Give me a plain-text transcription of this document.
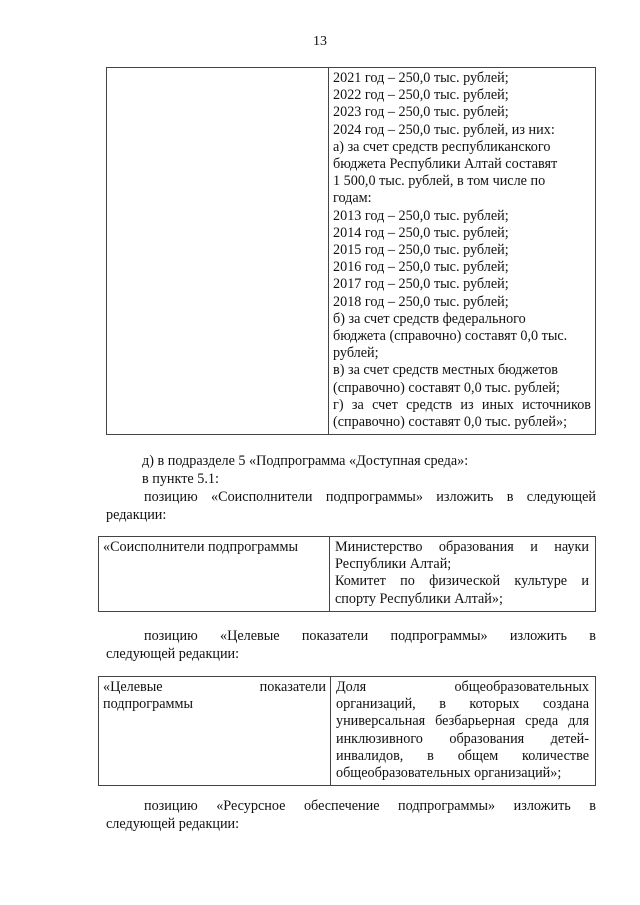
13

2021 год – 250,0 тыс. рублей;
2022 год – 250,0 тыс. рублей;
2023 год – 250,0 тыс. рублей;
2024 год – 250,0 тыс. рублей, из них:
а) за счет средств республиканского
бюджета Республики Алтай составят
1 500,0 тыс. рублей, в том числе по
годам:
2013 год – 250,0 тыс. рублей;
2014 год – 250,0 тыс. рублей;
2015 год – 250,0 тыс. рублей;
2016 год – 250,0 тыс. рублей;
2017 год – 250,0 тыс. рублей;
2018 год – 250,0 тыс. рублей;
б) за счет средств федерального
бюджета (справочно) составят 0,0 тыс.
рублей;
в) за счет средств местных бюджетов
(справочно) составят 0,0 тыс. рублей;
г) за счет средств из иных источников
(справочно) составят 0,0 тыс. рублей»;
д) в подразделе 5 «Подпрограмма «Доступная среда»:
в пункте 5.1:
позицию «Соисполнители подпрограммы» изложить в следующей
редакции:
«Соисполнители подпрограммы	Министерство образования и науки
Республики Алтай;
Комитет по физической культуре и
спорту Республики Алтай»;
позицию «Целевые показатели подпрограммы» изложить в
следующей редакции:
«Целевые показатели
подпрограммы

Доля общеобразовательных
организаций, в которых создана
универсальная безбарьерная среда для
инклюзивного образования детей-
инвалидов, в общем количестве
общеобразовательных организаций»;
позицию «Ресурсное обеспечение подпрограммы» изложить в
следующей редакции:
